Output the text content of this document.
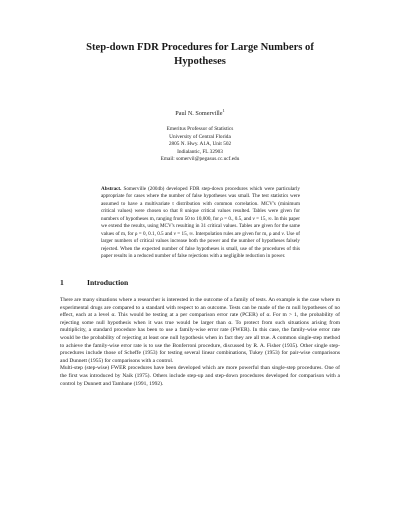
Step-down FDR Procedures for Large Numbers of
Hypotheses
Paul N. Somerville$^1$
Emeritus Professor of Statistics
University of Central Florida
2805 N. Hwy. A1A, Unit 502
Indialantic, FL 32903
Email: somervil@pegasus.cc.ucf.edu
Abstract. Somerville (2004b) developed FDR step-down procedures which were particularly appropriate for cases where the number of false hypotheses was small. The test statistics were assumed to have a multivariate t distribution with common correlation. MCV's (minimum critical values) were chosen so that 8 unique critical values resulted. Tables were given for numbers of hypotheses m, ranging from 50 to 10,000, for ρ = 0., 0.5, and ν = 15, ∞. In this paper we extend the results, using MCV's resulting in 31 critical values. Tables are given for the same values of m, for ρ = 0, 0.1, 0.5 and ν = 15, ∞. Interpolation rules are given for m, ρ and ν. Use of larger numbers of critical values increase both the power and the number of hypotheses falsely rejected. When the expected number of false hypotheses is small, use of the procedures of this paper results in a reduced number of false rejections with a negligible reduction in power.
1	Introduction

There are many situations where a researcher is interested in the outcome of a family of tests. An example is the case where m experimental drugs are compared to a standard with respect to an outcome. Tests can be made of the m null hypotheses of no effect, each at a level α. This would be testing at a per comparison error rate (PCER) of α. For m > 1, the probability of rejecting some null hypothesis when it was true would be larger than α. To protect from such situations arising from multiplicity, a standard procedure has been to use a family-wise error rate (FWER). In this case, the family-wise error rate would be the probability of rejecting at least one null hypothesis when in fact they are all true. A common single-step method to achieve the family-wise error rate is to use the Bonferroni procedure, discussed by R. A. Fisher (1935). Other single step-procedures include those of Scheffe (1953) for testing several linear combinations, Tukey (1953) for pair-wise comparisons and Dunnett (1955) for comparisons with a control.

Multi-step (step-wise) FWER procedures have been developed which are more powerful than single-step procedures. One of the first was introduced by Naik (1975). Others include step-up and step-down procedures developed for comparison with a control by Dunnett and Tamhane (1991, 1992).
